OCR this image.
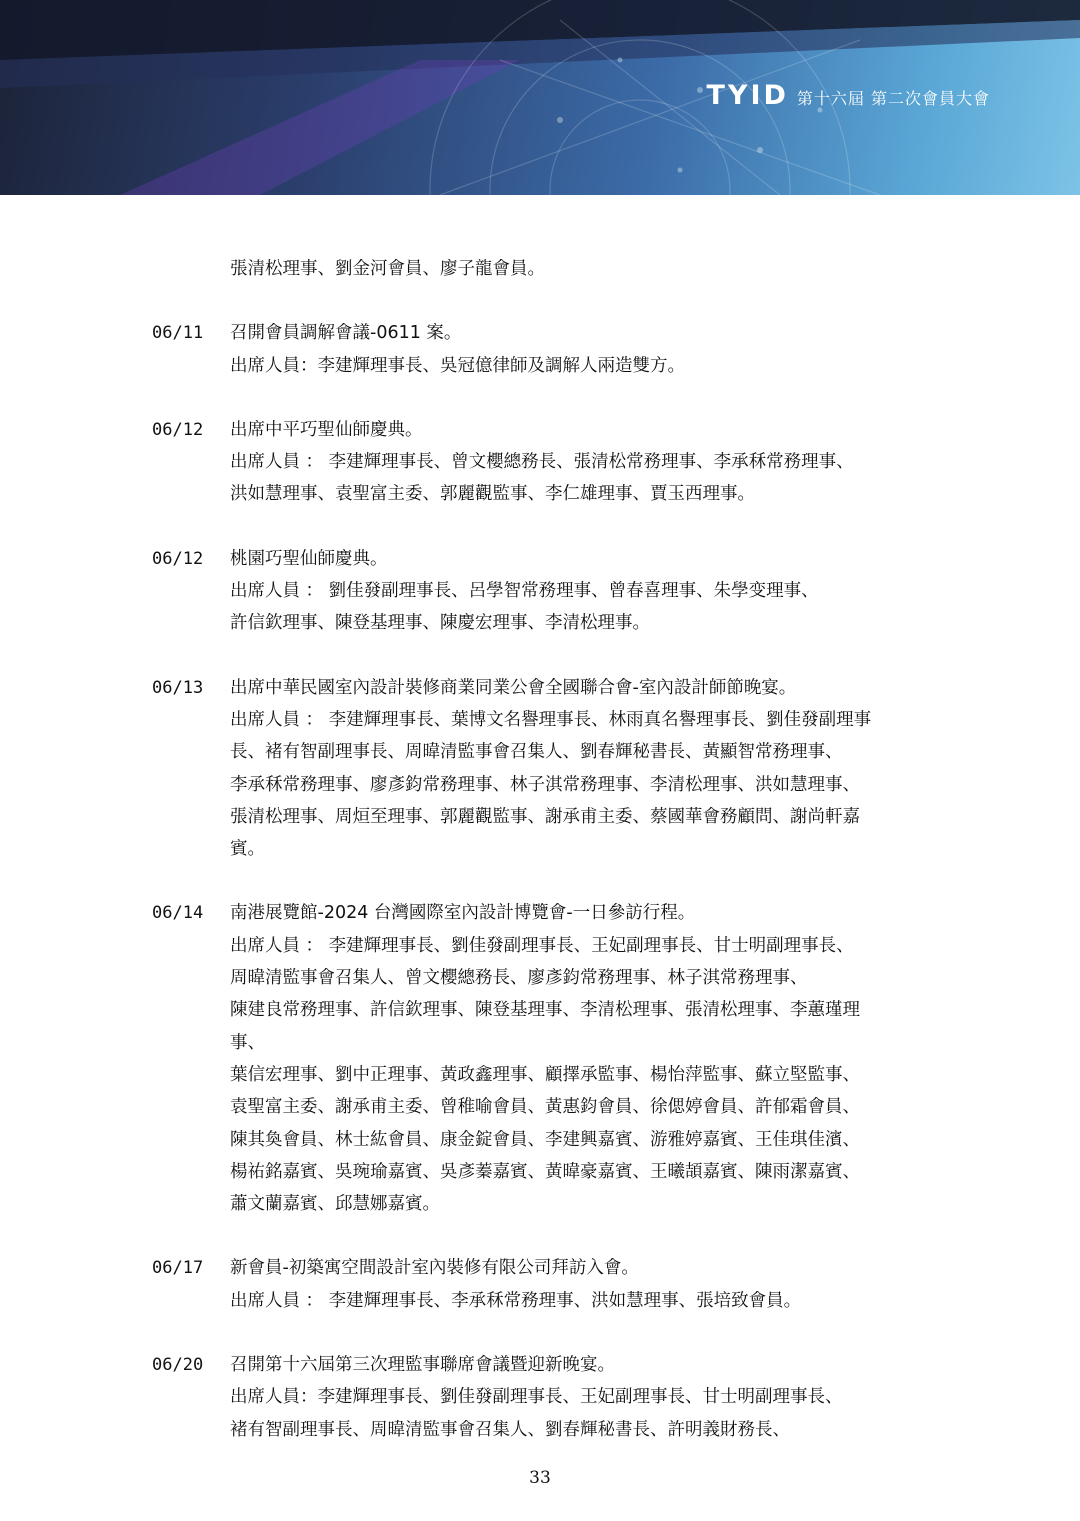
TYID 第十六屆 第二次會員大會
張清松理事、劉金河會員、廖子龍會員。
06/11	召開會員調解會議-0611 案。
出席人員：李建輝理事長、吳冠億律師及調解人兩造雙方。
06/12	出席中平巧聖仙師慶典。
出席人員 ： 李建輝理事長、曾文櫻總務長、張清松常務理事、李承秝常務理事、
洪如慧理事、袁聖富主委、郭麗觀監事、李仁雄理事、賈玉西理事。
06/12	桃園巧聖仙師慶典。
出席人員 ： 劉佳發副理事長、呂學智常務理事、曾春喜理事、朱學变理事、
許信欽理事、陳登基理事、陳慶宏理事、李清松理事。
06/13	出席中華民國室內設計裝修商業同業公會全國聯合會-室內設計師節晚宴。
出席人員 ： 李建輝理事長、葉博文名譽理事長、林雨真名譽理事長、劉佳發副理事
長、褚有智副理事長、周暐清監事會召集人、劉春輝秘書長、黃顯智常務理事、
李承秝常務理事、廖彥鈞常務理事、林子淇常務理事、李清松理事、洪如慧理事、
張清松理事、周烜至理事、郭麗觀監事、謝承甫主委、蔡國華會務顧問、謝尚軒嘉
賓。
06/14	南港展覽館-2024 台灣國際室內設計博覽會-一日參訪行程。
出席人員 ： 李建輝理事長、劉佳發副理事長、王妃副理事長、甘士明副理事長、
周暐清監事會召集人、曾文櫻總務長、廖彥鈞常務理事、林子淇常務理事、
陳建良常務理事、許信欽理事、陳登基理事、李清松理事、張清松理事、李蕙瑾理
事、
葉信宏理事、劉中正理事、黃政鑫理事、顧擇承監事、楊怡萍監事、蘇立堅監事、
袁聖富主委、謝承甫主委、曾稚喻會員、黃惠鈞會員、徐偲婷會員、許郁霜會員、
陳其奐會員、林士紘會員、康金錠會員、李建興嘉賓、游雅婷嘉賓、王佳琪佳濱、
楊祐銘嘉賓、吳琬瑜嘉賓、吳彥蓁嘉賓、黃暐豪嘉賓、王曦頡嘉賓、陳雨潔嘉賓、
蕭文蘭嘉賓、邱慧娜嘉賓。
06/17	新會員-初築寓空間設計室內裝修有限公司拜訪入會。
出席人員 ： 李建輝理事長、李承秝常務理事、洪如慧理事、張培致會員。
06/20	召開第十六屆第三次理監事聯席會議暨迎新晚宴。
出席人員：李建輝理事長、劉佳發副理事長、王妃副理事長、甘士明副理事長、
褚有智副理事長、周暐清監事會召集人、劉春輝秘書長、許明義財務長、
33
